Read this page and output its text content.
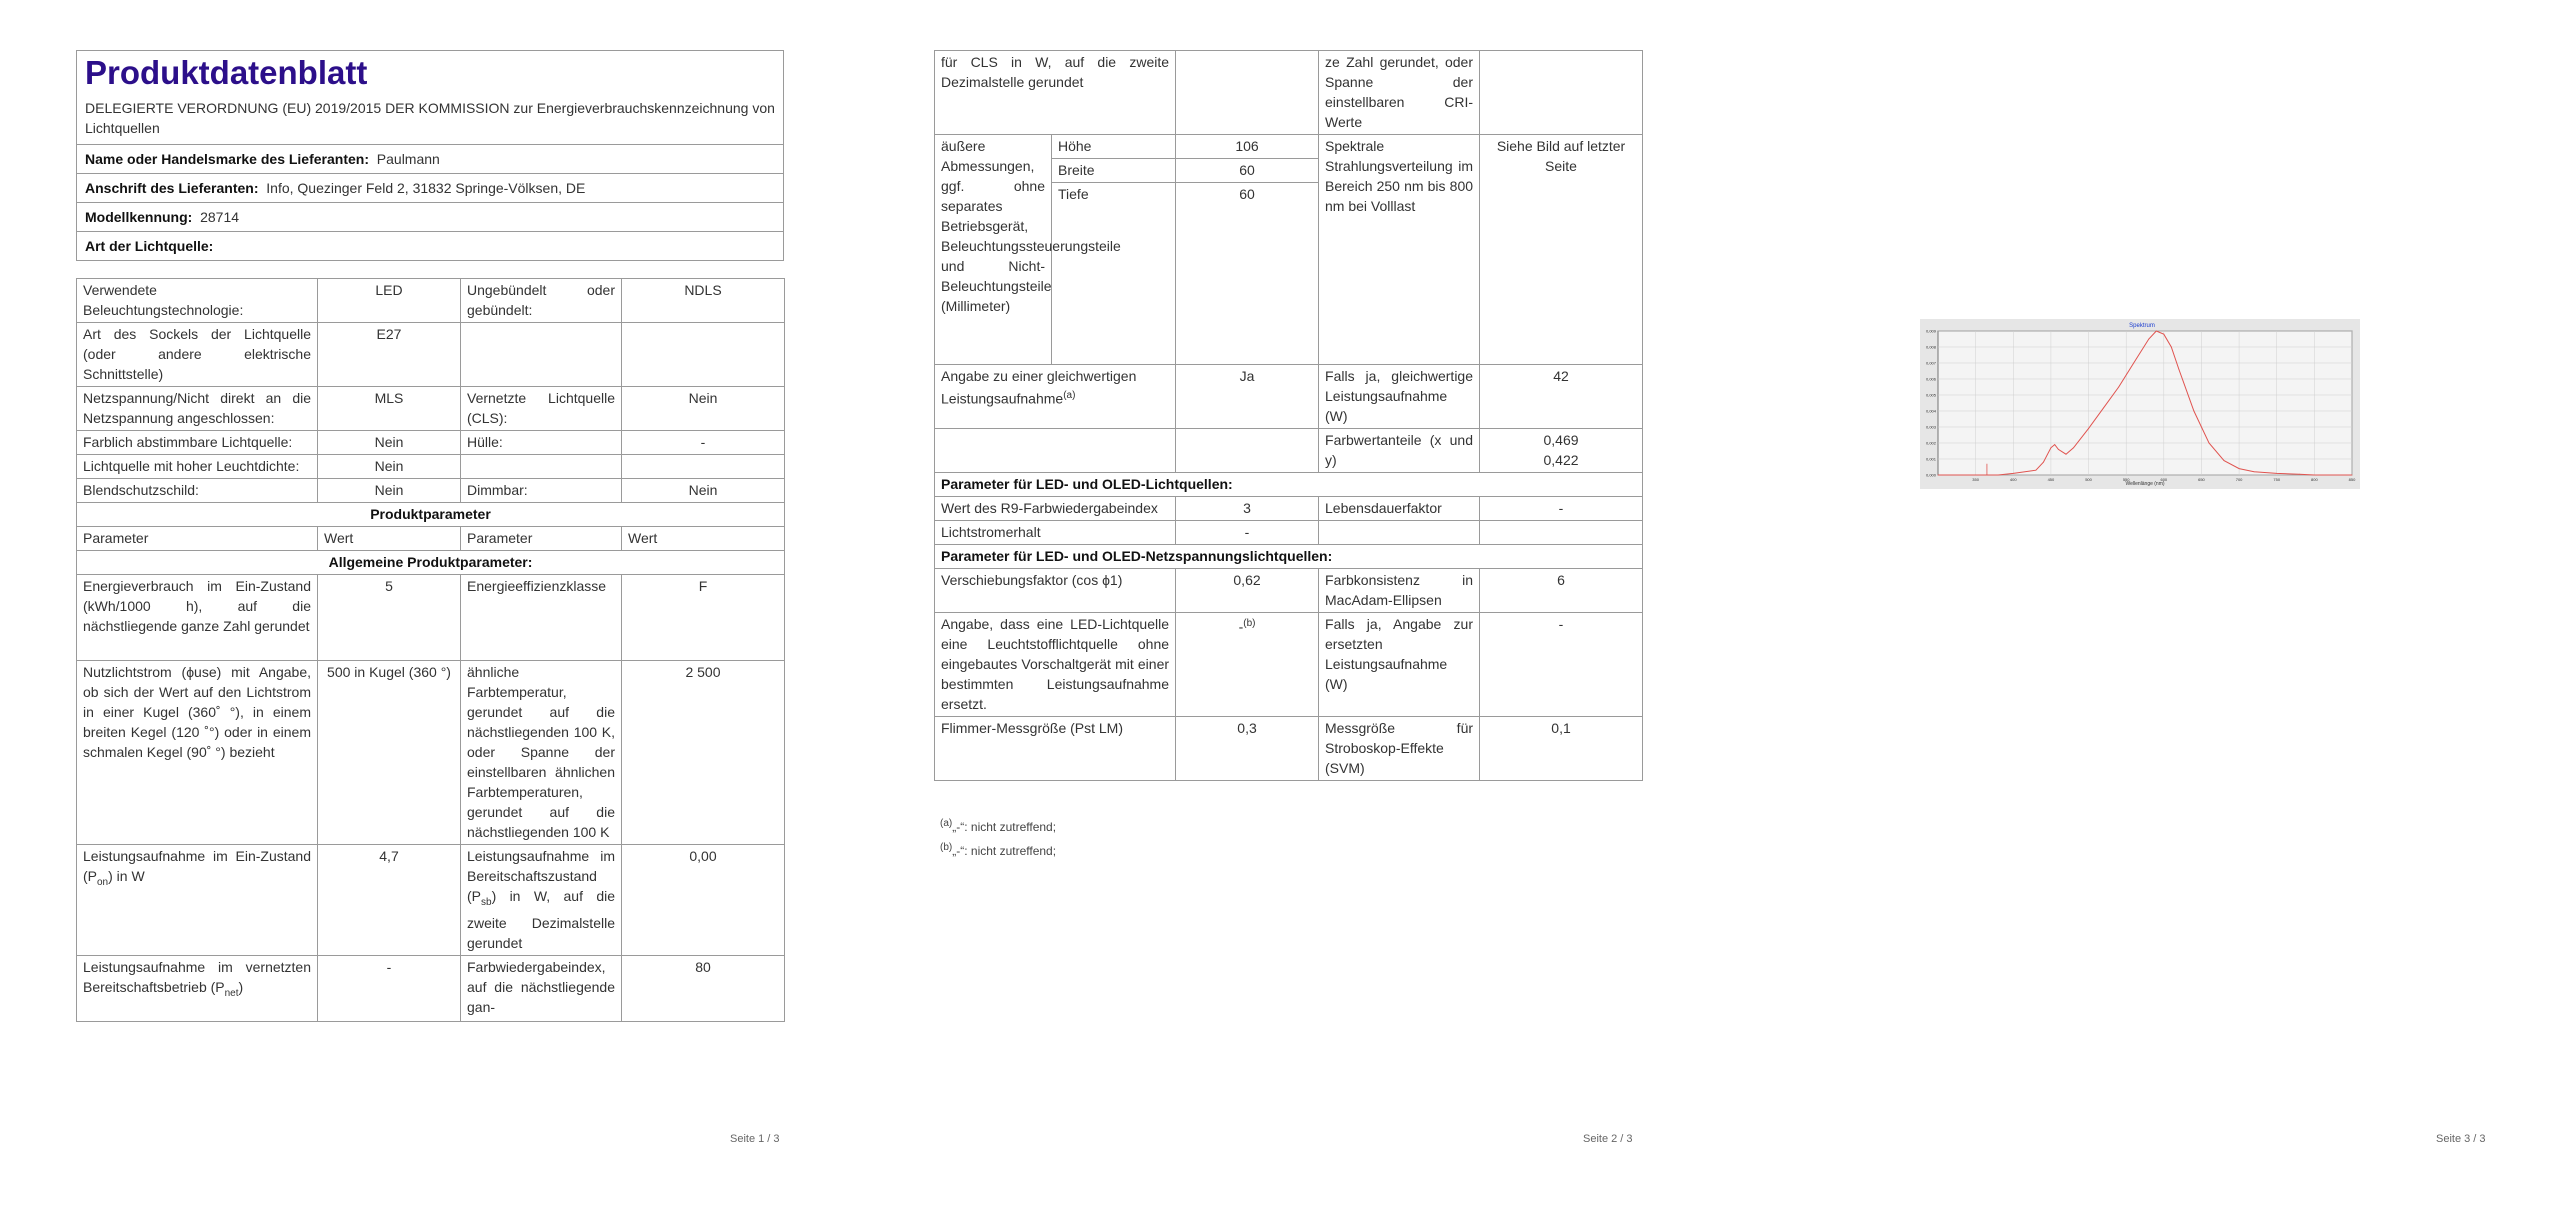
Produktdatenblatt
DELEGIERTE VERORDNUNG (EU) 2019/2015 DER KOMMISSION zur Energieverbrauchskennzeichnung von Lichtquellen
Name oder Handelsmarke des Lieferanten: Paulmann
Anschrift des Lieferanten: Info, Quezinger Feld 2, 31832 Springe-Völksen, DE
Modellkennung: 28714
Art der Lichtquelle:
Verwendete Beleuchtungstechnologie:	LED	Ungebündelt oder gebündelt:	NDLS
Art des Sockels der Lichtquelle (oder andere elektrische Schnittstelle)	E27		
Netzspannung/Nicht direkt an die Netzspannung angeschlossen:	MLS	Vernetzte Lichtquelle (CLS):	Nein
Farblich abstimmbare Lichtquelle:	Nein	Hülle:	-
Lichtquelle mit hoher Leuchtdichte:	Nein		
Blendschutzschild:	Nein	Dimmbar:	Nein
Produktparameter			
Parameter	Wert	Parameter	Wert
Allgemeine Produktparameter:			
Energieverbrauch im Ein-Zustand (kWh/1000 h), auf die nächstliegende ganze Zahl gerundet	5	Energieeffizienzklasse	F
Nutzlichtstrom (ϕuse) mit Angabe, ob sich der Wert auf den Lichtstrom in einer Kugel (360˚ °), in einem breiten Kegel (120 ˚°) oder in einem schmalen Kegel (90˚ °) bezieht	500 in Kugel (360 °)	ähnliche Farbtemperatur, gerundet auf die nächstliegenden 100 K, oder Spanne der einstellbaren ähnlichen Farbtemperaturen, gerundet auf die nächstliegenden 100 K	2 500
Leistungsaufnahme im Ein-Zustand $(P_{on})$ in W	4,7	Leistungsaufnahme im Bereitschaftszustand $(P_{sb})$ in W, auf die zweite Dezimalstelle gerundet	0,00
Leistungsaufnahme im vernetzten Bereitschaftsbetrieb $(P_{net})$	-	Farbwiedergabeindex, auf die nächstliegende gan-	80
Seite 1 / 3	Seite 2 / 3
für CLS in W, auf die zweite Dezimalstelle gerundet			ze Zahl gerundet, oder Spanne der einstellbaren CRI-Werte	
äußere Abmessungen, ggf. ohne separates Betriebsgerät, Beleuchtungssteuerungsteile und Nicht-Beleuchtungsteile (Millimeter)	Höhe	106	Spektrale Strahlungsverteilung im Bereich 250 nm bis 800 nm bei Volllast	Siehe Bild auf letzter Seite
	Breite	60		
	Tiefe	60		
Angabe zu einer gleichwertigen Leistungsaufnahme$^{(a)}$		Ja	Falls ja, gleichwertige Leistungsaufnahme (W)	42
			Farbwertanteile (x und y)	0,469
0,422
Parameter für LED- und OLED-Lichtquellen:				
Wert des R9-Farbwiedergabeindex		3	Lebensdauerfaktor	-
Lichtstromerhalt		-		
Parameter für LED- und OLED-Netzspannungslichtquellen:				
Verschiebungsfaktor (cos ϕ1)		0,62	Farbkonsistenz in MacAdam-Ellipsen	6
Angabe, dass eine LED-Lichtquelle eine Leuchtstofflichtquelle ohne eingebautes Vorschaltgerät mit einer bestimmten Leistungsaufnahme ersetzt.		-$^{(b)}$	Falls ja, Angabe zur ersetzten Leistungsaufnahme (W)	-
Flimmer-Messgröße (Pst LM)		0,3	Messgröße für Stroboskop-Effekte (SVM)	0,1
$^{(a)}$„-“: nicht zutreffend;
$^{(b)}$„-“: nicht zutreffend;
Seite 3 / 3
0,000
0,001
0,002
0,003
0,004
0,005
0,006
0,007
0,008
0,009
350	400	450	500	550	600	650	700	750	800	850
Spektrum
Wellenlänge (nm)
